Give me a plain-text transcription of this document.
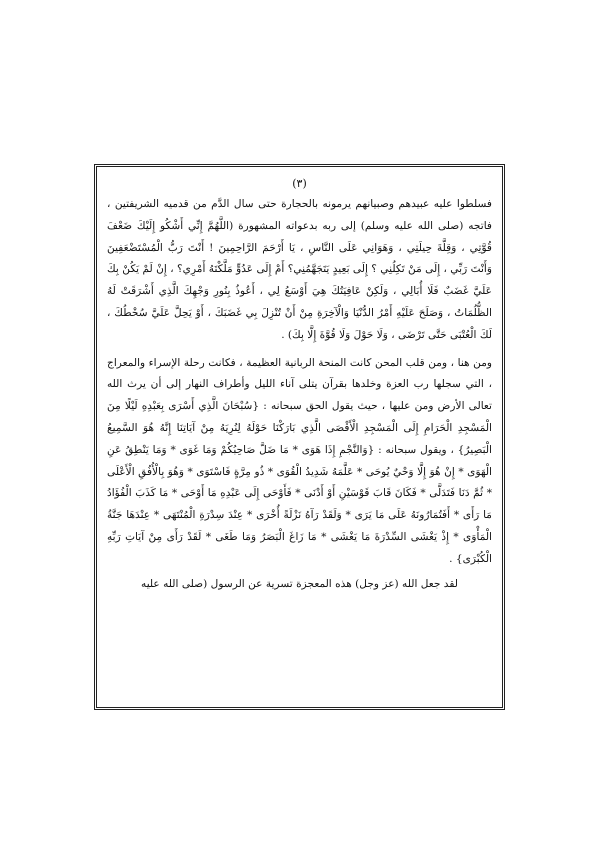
(٣)

فسلطوا عليه عبيدهم وصبيانهم يرمونه بالحجارة حتى سال الدَّم من قدميه الشريفتين ، فاتجه (صلى الله عليه وسلم) إلى ربه بدعواته المشهورة (اللَّهُمَّ إِنِّي أَشْكُو إِلَيْكَ ضَعْفَ قُوَّتِي ، وَقِلَّةَ حِيلَتِي ، وَهَوَانِي عَلَى النَّاسِ ، يَا أَرْحَمَ الرَّاحِمِينَ ! أَنْتَ رَبُّ الْمُسْتَضْعَفِينَ وَأَنْتَ رَبِّي ، إِلَى مَنْ تَكِلُنِي ؟ إِلَى بَعِيدٍ يَتَجَهَّمُنِي؟ أَمْ إِلَى عَدُوٍّ مَلَّكْتَهُ أَمْرِي؟ ، إِنْ لَمْ يَكُنْ بِكَ عَلَيَّ غَضَبٌ فَلَا أُبَالِي ، وَلَكِنْ عَافِيَتُكَ هِيَ أَوْسَعُ لِي ، أَعُوذُ بِنُورِ وَجْهِكَ الَّذِي أَشْرَقَتْ لَهُ الظُّلُمَاتُ ، وَصَلَحَ عَلَيْهِ أَمْرُ الدُّنْيَا وَالْآخِرَةِ مِنْ أَنْ تُنْزِلَ بِي غَضَبَكَ ، أَوْ يَحِلَّ عَلَيَّ سُخْطُكَ ، لَكَ الْعُتْبَى حَتَّى تَرْضَى ، وَلَا حَوْلَ وَلَا قُوَّةَ إِلَّا بِكَ) .

ومن هنا ، ومن قلب المحن كانت المنحة الربانية العظيمة ، فكانت رحلة الإسراء والمعراج ، التي سجلها رب العزة وخلدها بقرآن يتلى آناء الليل وأطراف النهار إلى أن يرث الله تعالى الأرض ومن عليها ، حيث يقول الحق سبحانه : {سُبْحَانَ الَّذِي أَسْرَى بِعَبْدِهِ لَيْلًا مِنَ الْمَسْجِدِ الْحَرَامِ إِلَى الْمَسْجِدِ الْأَقْصَى الَّذِي بَارَكْنَا حَوْلَهُ لِنُرِيَهُ مِنْ آيَاتِنَا إِنَّهُ هُوَ السَّمِيعُ الْبَصِيرُ} ، ويقول سبحانه : {وَالنَّجْمِ إِذَا هَوَى * مَا ضَلَّ صَاحِبُكُمْ وَمَا غَوَى * وَمَا يَنْطِقُ عَنِ الْهَوَى * إِنْ هُوَ إِلَّا وَحْيٌ يُوحَى * عَلَّمَهُ شَدِيدُ الْقُوَى * ذُو مِرَّةٍ فَاسْتَوَى * وَهُوَ بِالْأُفُقِ الْأَعْلَى * ثُمَّ دَنَا فَتَدَلَّى * فَكَانَ قَابَ قَوْسَيْنِ أَوْ أَدْنَى * فَأَوْحَى إِلَى عَبْدِهِ مَا أَوْحَى * مَا كَذَبَ الْفُؤَادُ مَا رَأَى * أَفَتُمَارُونَهُ عَلَى مَا يَرَى * وَلَقَدْ رَآهُ نَزْلَةً أُخْرَى * عِنْدَ سِدْرَةِ الْمُنْتَهَى * عِنْدَهَا جَنَّةُ الْمَأْوَى * إِذْ يَغْشَى السِّدْرَةَ مَا يَغْشَى * مَا زَاغَ الْبَصَرُ وَمَا طَغَى * لَقَدْ رَأَى مِنْ آيَاتِ رَبِّهِ الْكُبْرَى} .

لقد جعل الله (عز وجل) هذه المعجزة تسرية عن الرسول (صلى الله عليه
